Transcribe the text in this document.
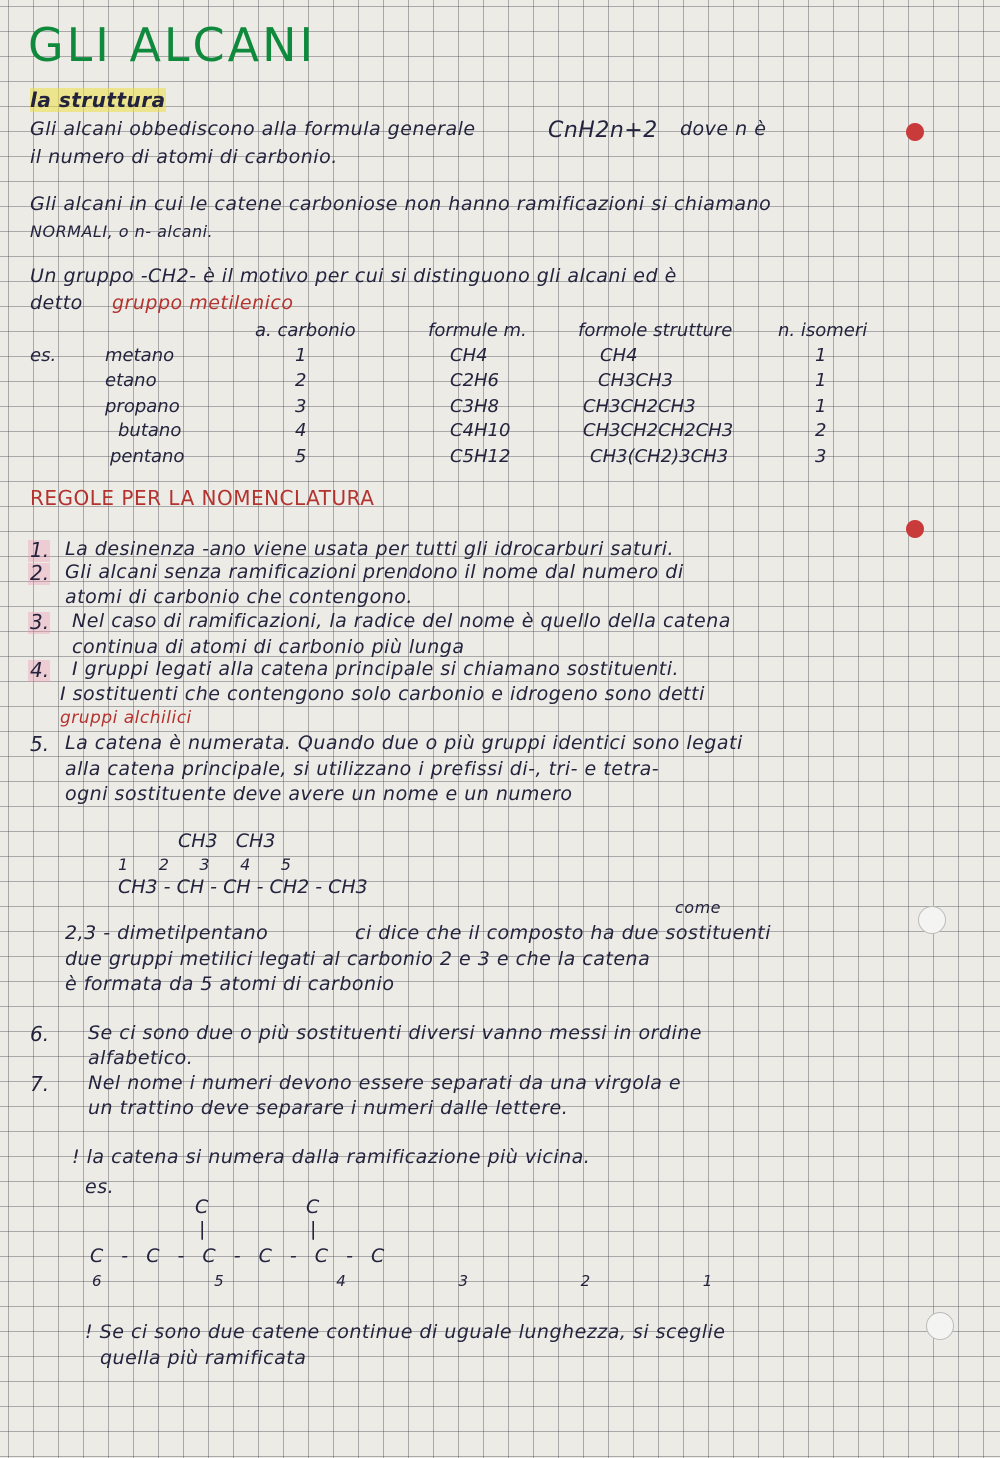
GLI ALCANI
la struttura
Gli alcani obbediscono alla formula generale	CnH2n+2 dove n è
il numero di atomi di carbonio.
Gli alcani in cui le catene carboniose non hanno ramificazioni si chiamano
NORMALI, o n- alcani.
Un gruppo -CH2- è il motivo per cui si distinguono gli alcani ed è
detto gruppo metilenico
es.
a. carbonio	formule m.	formole strutture	n. isomeri
metano	1	CH4	CH4	1
etano	2	C2H6	CH3CH3	1
propano	3	C3H8	CH3CH2CH3	1
butano	4	C4H10	CH3CH2CH2CH3	2
pentano	5	C5H12	CH3(CH2)3CH3	3
REGOLE PER LA NOMENCLATURA
1. La desinenza -ano viene usata per tutti gli idrocarburi saturi.
2. Gli alcani senza ramificazioni prendono il nome dal numero di
atomi di carbonio che contengono.
3. Nel caso di ramificazioni, la radice del nome è quello della catena
continua di atomi di carbonio più lunga
4. I gruppi legati alla catena principale si chiamano sostituenti.
I sostituenti che contengono solo carbonio e idrogeno sono detti
gruppi alchilici
5. La catena è numerata. Quando due o più gruppi identici sono legati
alla catena principale, si utilizzano i prefissi di-, tri- e tetra-
ogni sostituente deve avere un nome e un numero
CH3   CH3
1      2      3      4      5
CH3 - CH - CH - CH2 - CH3
come
2,3 - dimetilpentano	ci dice che il composto ha due sostituenti
due gruppi metilici legati al carbonio 2 e 3 e che la catena
è formata da 5 atomi di carbonio
6. Se ci sono due o più sostituenti diversi vanno messi in ordine
alfabetico.
7. Nel nome i numeri devono essere separati da una virgola e
un trattino deve separare i numeri dalle lettere.
! la catena si numera dalla ramificazione più vicina.
es.
C
|
C
|
C - C - C - C - C - C
6      5      4      3      2      1
! Se ci sono due catene continue di uguale lunghezza, si sceglie
quella più ramificata
